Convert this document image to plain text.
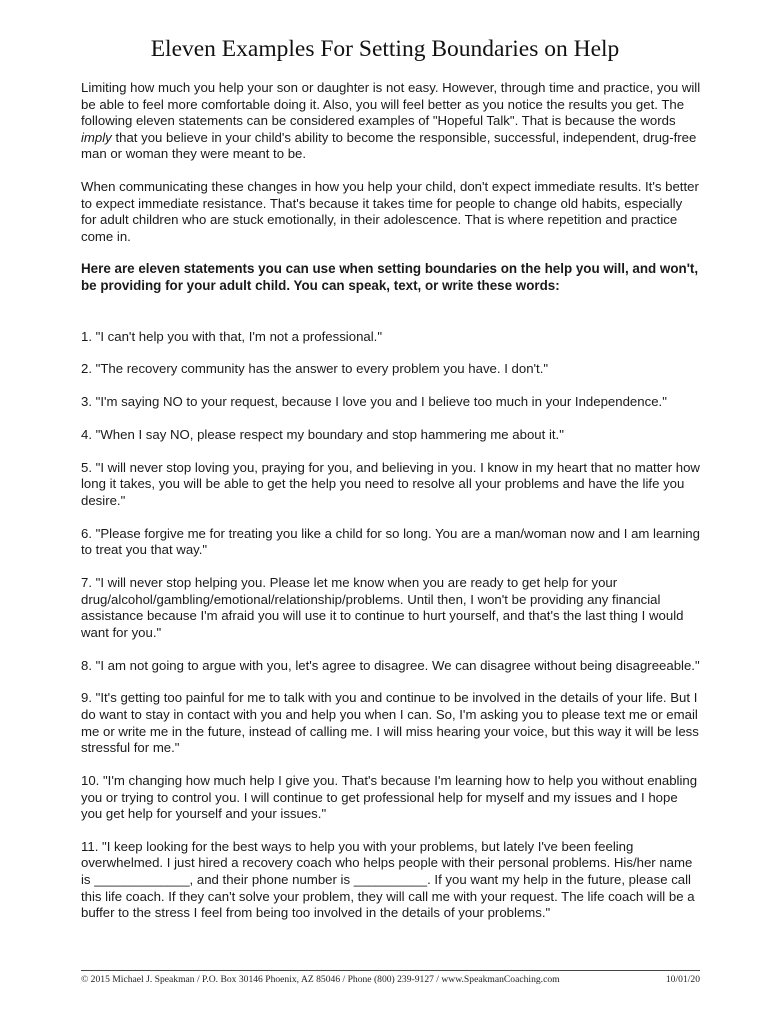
Eleven Examples For Setting Boundaries on Help

Limiting how much you help your son or daughter is not easy. However, through time and practice, you will be able to feel more comfortable doing it. Also, you will feel better as you notice the results you get. The following eleven statements can be considered examples of "Hopeful Talk". That is because the words imply that you believe in your child's ability to become the responsible, successful, independent, drug-free man or woman they were meant to be.

When communicating these changes in how you help your child, don't expect immediate results. It's better to expect immediate resistance. That's because it takes time for people to change old habits, especially for adult children who are stuck emotionally, in their adolescence. That is where repetition and practice come in.

Here are eleven statements you can use when setting boundaries on the help you will, and won't, be providing for your adult child. You can speak, text, or write these words:

1. "I can't help you with that, I'm not a professional."

2. "The recovery community has the answer to every problem you have. I don't."

3. "I'm saying NO to your request, because I love you and I believe too much in your Independence."

4. "When I say NO, please respect my boundary and stop hammering me about it."

5. "I will never stop loving you, praying for you, and believing in you. I know in my heart that no matter how long it takes, you will be able to get the help you need to resolve all your problems and have the life you desire."

6. "Please forgive me for treating you like a child for so long. You are a man/woman now and I am learning to treat you that way."

7. "I will never stop helping you. Please let me know when you are ready to get help for your drug/alcohol/gambling/emotional/relationship/problems. Until then, I won't be providing any financial assistance because I'm afraid you will use it to continue to hurt yourself, and that's the last thing I would want for you."

8. "I am not going to argue with you, let's agree to disagree. We can disagree without being disagreeable."

9. "It's getting too painful for me to talk with you and continue to be involved in the details of your life. But I do want to stay in contact with you and help you when I can. So, I'm asking you to please text me or email me or write me in the future, instead of calling me. I will miss hearing your voice, but this way it will be less stressful for me."

10. "I'm changing how much help I give you. That's because I'm learning how to help you without enabling you or trying to control you. I will continue to get professional help for myself and my issues and I hope you get help for yourself and your issues."

11. "I keep looking for the best ways to help you with your problems, but lately I've been feeling overwhelmed. I just hired a recovery coach who helps people with their personal problems. His/her name is _____________, and their phone number is __________. If you want my help in the future, please call this life coach. If they can't solve your problem, they will call me with your request. The life coach will be a buffer to the stress I feel from being too involved in the details of your problems."

© 2015 Michael J. Speakman / P.O. Box 30146 Phoenix, AZ 85046 / Phone (800) 239-9127 / www.SpeakmanCoaching.com	10/01/20
